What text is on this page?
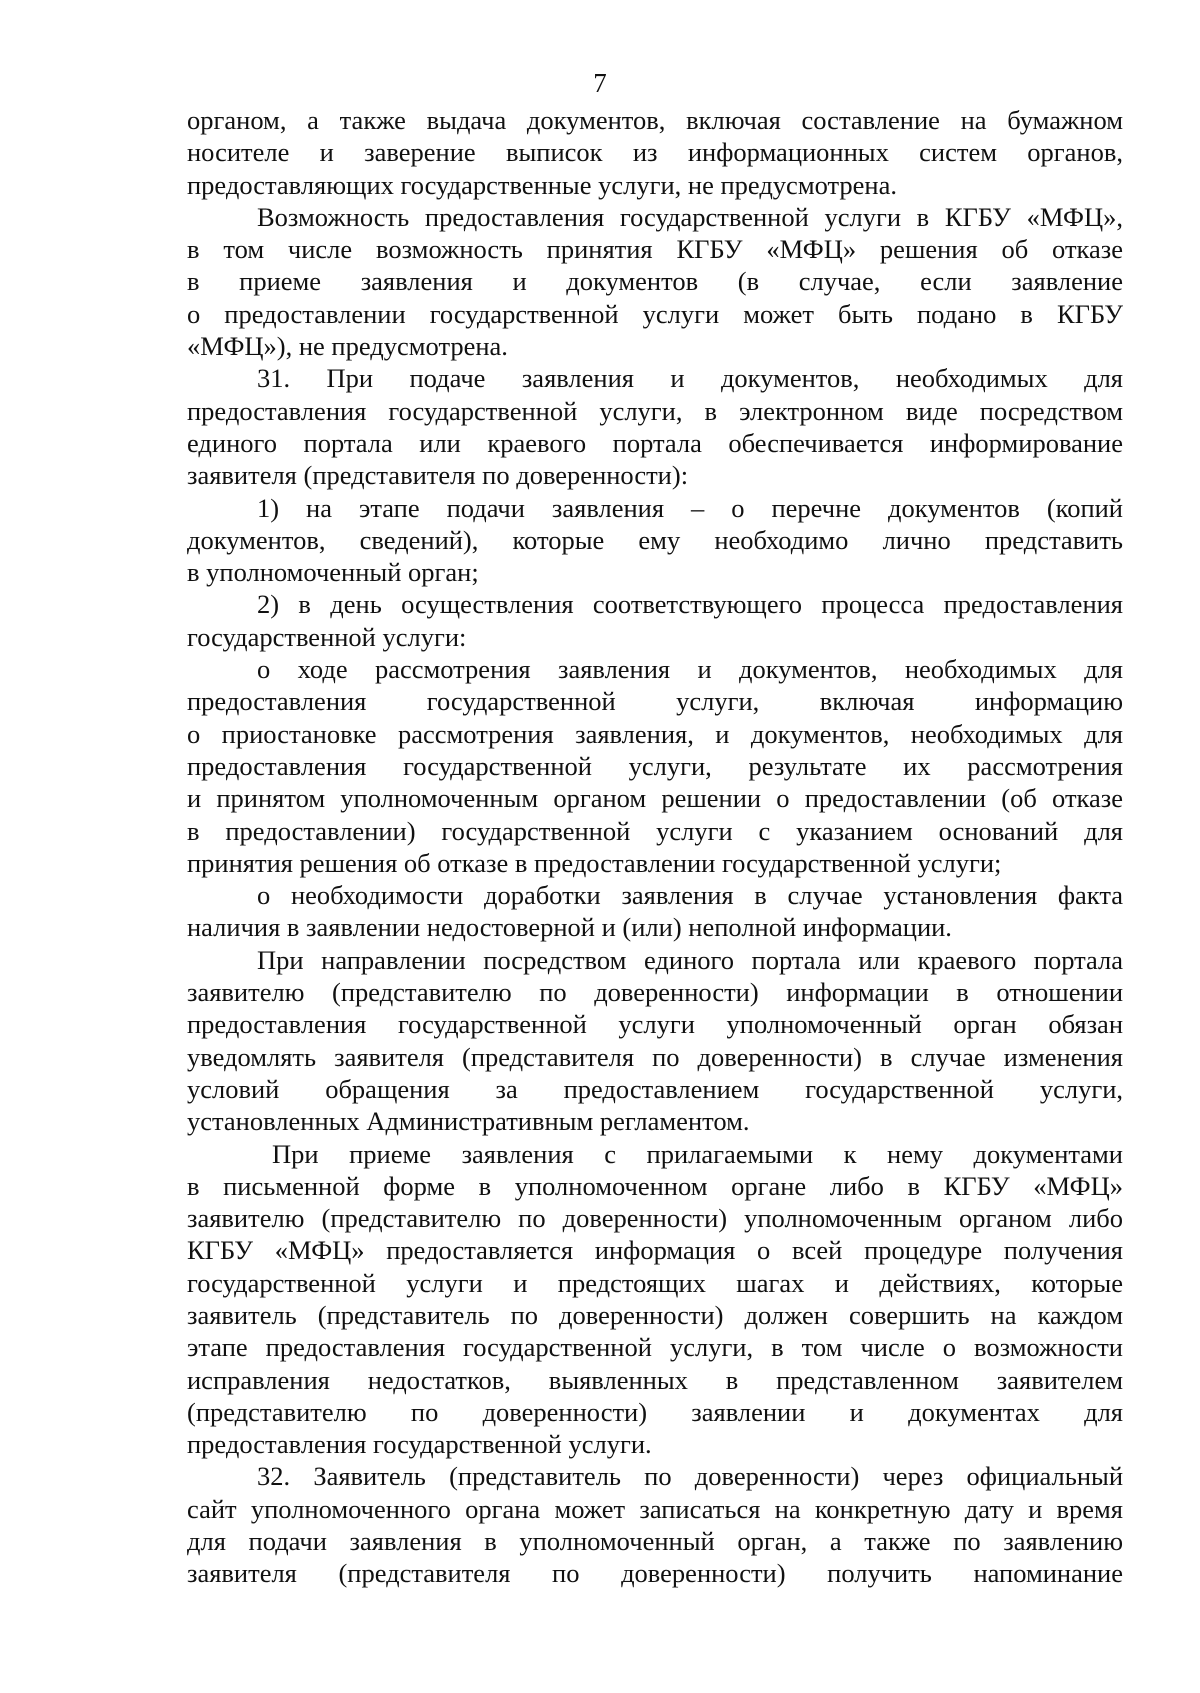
7

органом, а также выдача документов, включая составление на бумажном
носителе и заверение выписок из информационных систем органов,
предоставляющих государственные услуги, не предусмотрена.

Возможность предоставления государственной услуги в КГБУ «МФЦ»,
в том числе возможность принятия КГБУ «МФЦ» решения об отказе
в приеме заявления и документов (в случае, если заявление
о предоставлении государственной услуги может быть подано в КГБУ
«МФЦ»), не предусмотрена.

31. При подаче заявления и документов, необходимых для
предоставления государственной услуги, в электронном виде посредством
единого портала или краевого портала обеспечивается информирование
заявителя (представителя по доверенности):

1) на этапе подачи заявления – о перечне документов (копий
документов, сведений), которые ему необходимо лично представить
в уполномоченный орган;

2) в день осуществления соответствующего процесса предоставления
государственной услуги:

о ходе рассмотрения заявления и документов, необходимых для
предоставления государственной услуги, включая информацию
о приостановке рассмотрения заявления, и документов, необходимых для
предоставления государственной услуги, результате их рассмотрения
и принятом уполномоченным органом решении о предоставлении (об отказе
в предоставлении) государственной услуги с указанием оснований для
принятия решения об отказе в предоставлении государственной услуги;

о необходимости доработки заявления в случае установления факта
наличия в заявлении недостоверной и (или) неполной информации.

При направлении посредством единого портала или краевого портала
заявителю (представителю по доверенности) информации в отношении
предоставления государственной услуги уполномоченный орган обязан
уведомлять заявителя (представителя по доверенности) в случае изменения
условий обращения за предоставлением государственной услуги,
установленных Административным регламентом.

При приеме заявления с прилагаемыми к нему документами
в письменной форме в уполномоченном органе либо в КГБУ «МФЦ»
заявителю (представителю по доверенности) уполномоченным органом либо
КГБУ «МФЦ» предоставляется информация о всей процедуре получения
государственной услуги и предстоящих шагах и действиях, которые
заявитель (представитель по доверенности) должен совершить на каждом
этапе предоставления государственной услуги, в том числе о возможности
исправления недостатков, выявленных в представленном заявителем
(представителю по доверенности) заявлении и документах для
предоставления государственной услуги.

32. Заявитель (представитель по доверенности) через официальный
сайт уполномоченного органа может записаться на конкретную дату и время
для подачи заявления в уполномоченный орган, а также по заявлению
заявителя (представителя по доверенности) получить напоминание
